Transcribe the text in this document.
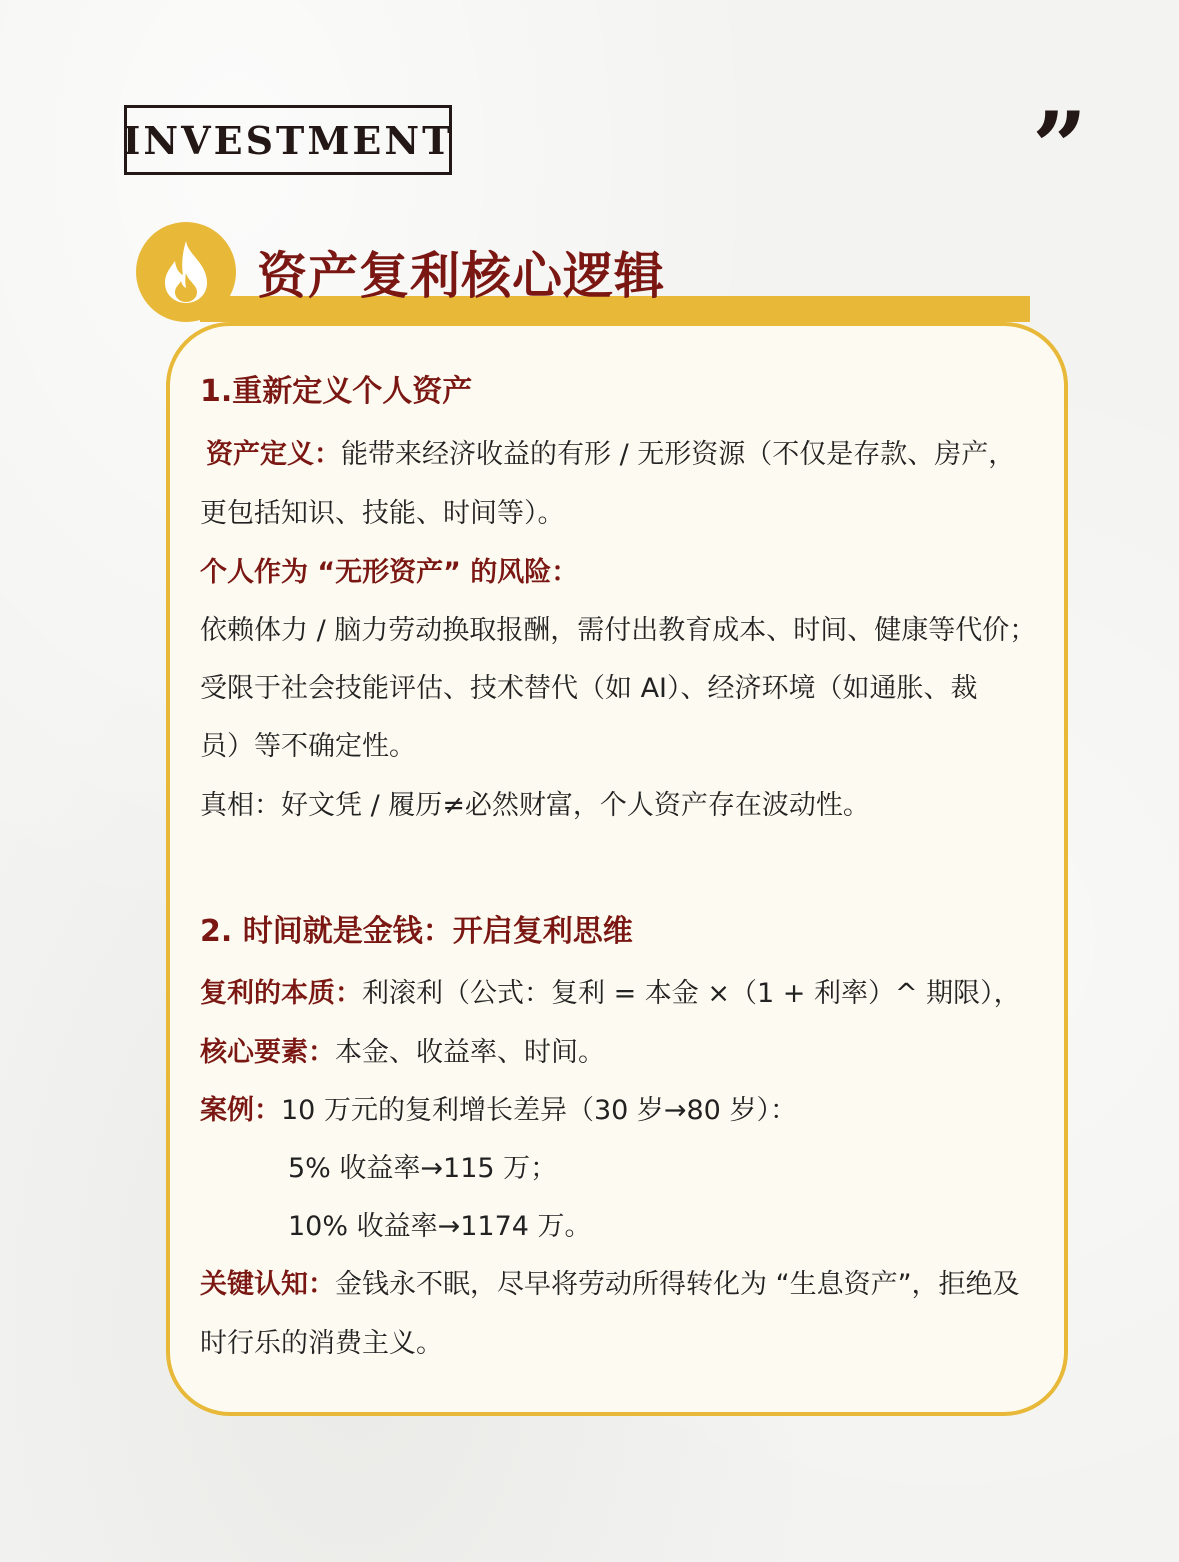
INVESTMENT	”
资产复利核心逻辑
1.重新定义个人资产
资产定义：能带来经济收益的有形 / 无形资源（不仅是存款、房产，
更包括知识、技能、时间等）。
个人作为 “无形资产” 的风险：
依赖体力 / 脑力劳动换取报酬，需付出教育成本、时间、健康等代价；
受限于社会技能评估、技术替代（如 AI）、经济环境（如通胀、裁
员）等不确定性。
真相：好文凭 / 履历≠必然财富，个人资产存在波动性。
2. 时间就是金钱：开启复利思维
复利的本质：利滚利（公式：复利 = 本金 ×（1 + 利率）^ 期限），
核心要素：本金、收益率、时间。
案例：10 万元的复利增长差异（30 岁→80 岁）：
5% 收益率→115 万；
10% 收益率→1174 万。
关键认知：金钱永不眠，尽早将劳动所得转化为 “生息资产”，拒绝及
时行乐的消费主义。
